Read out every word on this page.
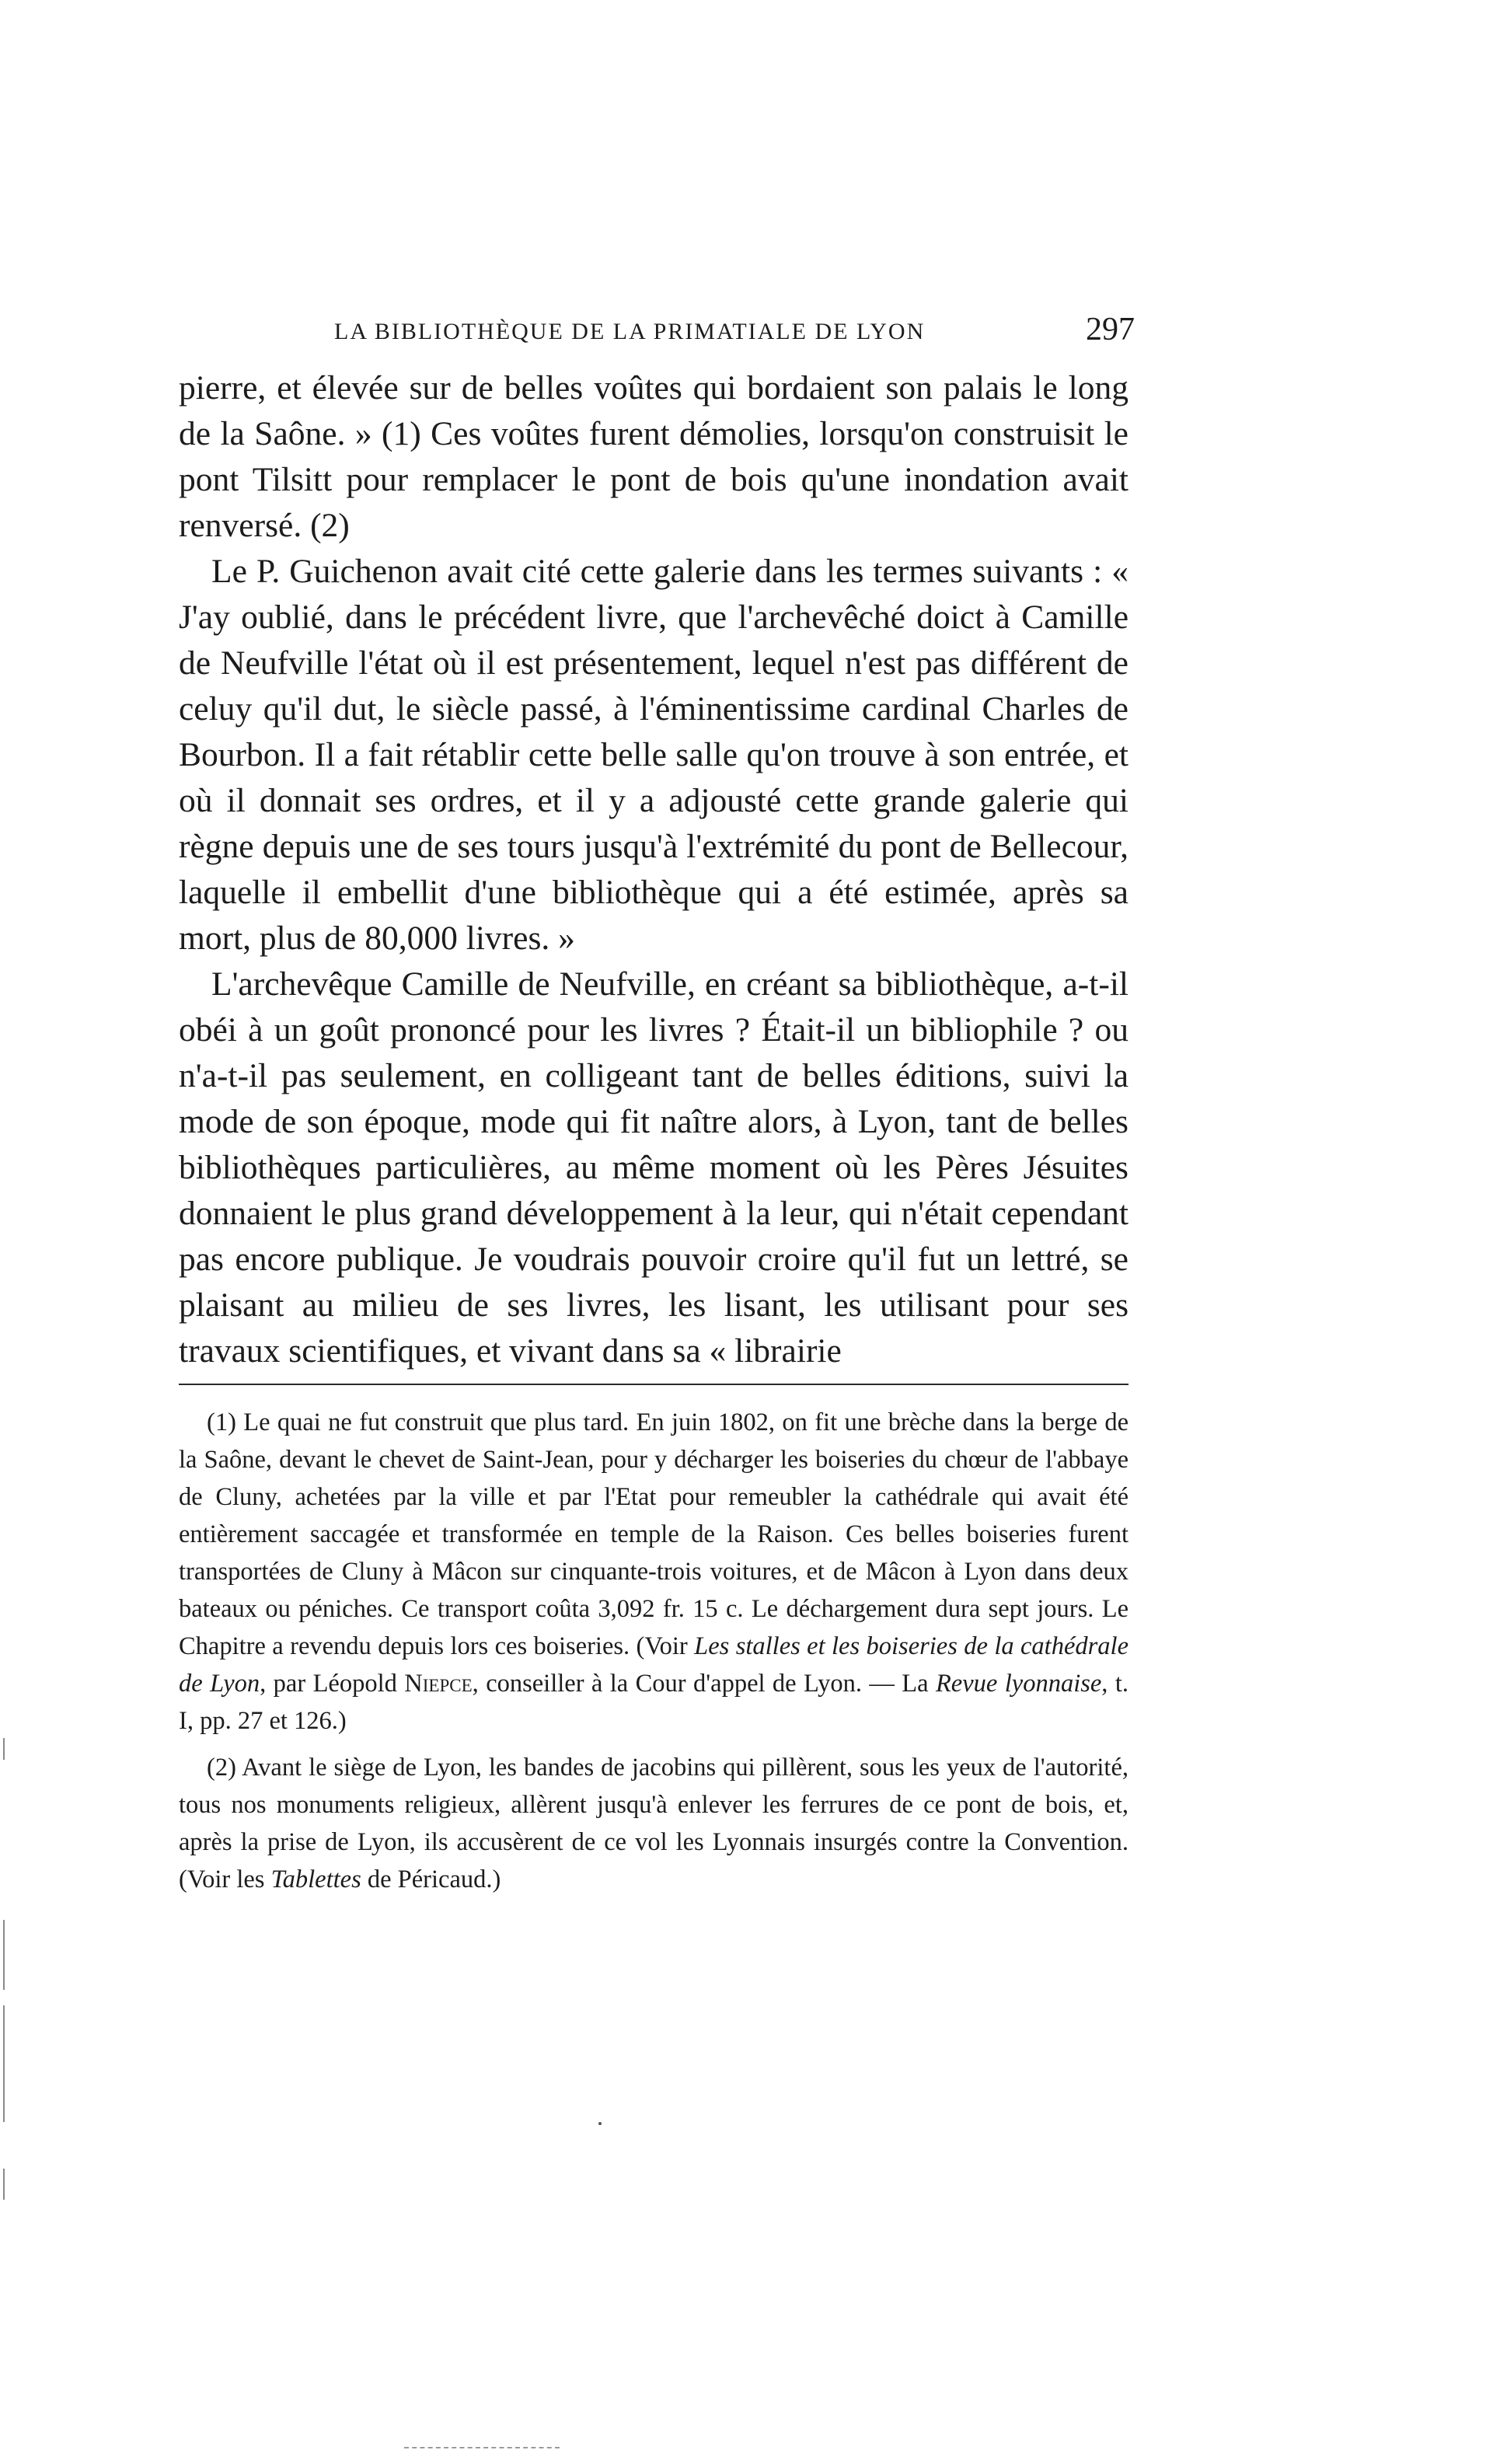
LA BIBLIOTHÈQUE DE LA PRIMATIALE DE LYON	297

pierre, et élevée sur de belles voûtes qui bordaient son palais le long de la Saône. » (1) Ces voûtes furent démolies, lorsqu'on construisit le pont Tilsitt pour remplacer le pont de bois qu'une inondation avait renversé. (2)

Le P. Guichenon avait cité cette galerie dans les termes suivants : « J'ay oublié, dans le précédent livre, que l'archevêché doict à Camille de Neufville l'état où il est présentement, lequel n'est pas différent de celuy qu'il dut, le siècle passé, à l'éminentissime cardinal Charles de Bourbon. Il a fait rétablir cette belle salle qu'on trouve à son entrée, et où il donnait ses ordres, et il y a adjousté cette grande galerie qui règne depuis une de ses tours jusqu'à l'extrémité du pont de Bellecour, laquelle il embellit d'une bibliothèque qui a été estimée, après sa mort, plus de 80,000 livres. »

L'archevêque Camille de Neufville, en créant sa bibliothèque, a-t-il obéi à un goût prononcé pour les livres ? Était-il un bibliophile ? ou n'a-t-il pas seulement, en colligeant tant de belles éditions, suivi la mode de son époque, mode qui fit naître alors, à Lyon, tant de belles bibliothèques particulières, au même moment où les Pères Jésuites donnaient le plus grand développement à la leur, qui n'était cependant pas encore publique. Je voudrais pouvoir croire qu'il fut un lettré, se plaisant au milieu de ses livres, les lisant, les utilisant pour ses travaux scientifiques, et vivant dans sa « librairie

(1) Le quai ne fut construit que plus tard. En juin 1802, on fit une brèche dans la berge de la Saône, devant le chevet de Saint-Jean, pour y décharger les boiseries du chœur de l'abbaye de Cluny, achetées par la ville et par l'Etat pour remeubler la cathédrale qui avait été entièrement saccagée et transformée en temple de la Raison. Ces belles boiseries furent transportées de Cluny à Mâcon sur cinquante-trois voitures, et de Mâcon à Lyon dans deux bateaux ou péniches. Ce transport coûta 3,092 fr. 15 c. Le déchargement dura sept jours. Le Chapitre a revendu depuis lors ces boiseries. (Voir Les stalles et les boiseries de la cathédrale de Lyon, par Léopold Niepce, conseiller à la Cour d'appel de Lyon. — La Revue lyonnaise, t. I, pp. 27 et 126.)

(2) Avant le siège de Lyon, les bandes de jacobins qui pillèrent, sous les yeux de l'autorité, tous nos monuments religieux, allèrent jusqu'à enlever les ferrures de ce pont de bois, et, après la prise de Lyon, ils accusèrent de ce vol les Lyonnais insurgés contre la Convention. (Voir les Tablettes de Péricaud.)
